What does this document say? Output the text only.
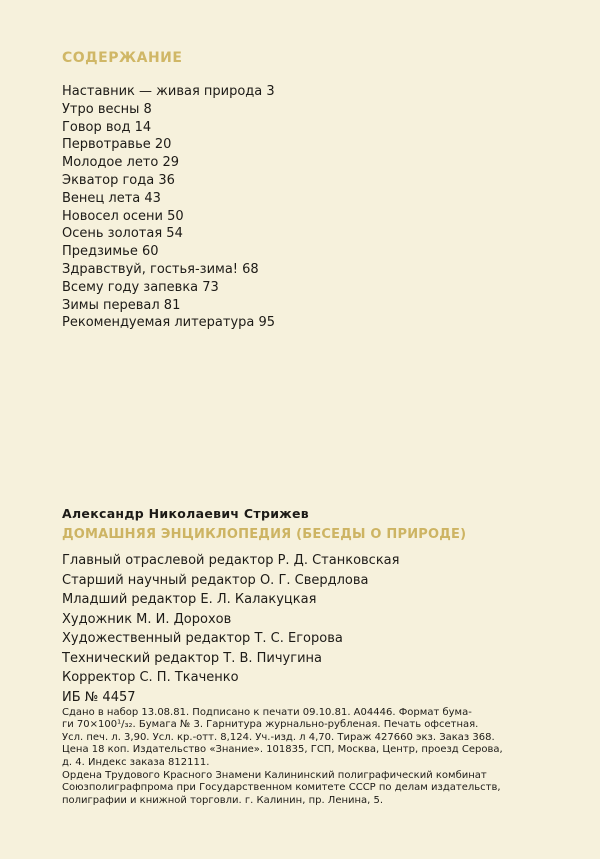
СОДЕРЖАНИЕ
Наставник — живая природа 3
Утро весны 8
Говор вод 14
Первотравье 20
Молодое лето 29
Экватор года 36
Венец лета 43
Новосел осени 50
Осень золотая 54
Предзимье 60
Здравствуй, гостья-зима! 68
Всему году запевка 73
Зимы перевал 81
Рекомендуемая литература 95
Александр Николаевич Стрижев
ДОМАШНЯЯ ЭНЦИКЛОПЕДИЯ (БЕСЕДЫ О ПРИРОДЕ)
Главный отраслевой редактор Р. Д. Станковская
Старший научный редактор О. Г. Свердлова
Младший редактор Е. Л. Калакуцкая
Художник М. И. Дорохов
Художественный редактор Т. С. Егорова
Технический редактор Т. В. Пичугина
Корректор С. П. Ткаченко
ИБ № 4457
Сдано в набор 13.08.81. Подписано к печати 09.10.81. А04446. Формат бума-
ги 70×100¹/₃₂. Бумага № 3. Гарнитура журнально-рубленая. Печать офсетная.
Усл. печ. л. 3,90. Усл. кр.-отт. 8,124. Уч.-изд. л 4,70. Тираж 427660 экз. Заказ 368.
Цена 18 коп. Издательство «Знание». 101835, ГСП, Москва, Центр, проезд Серова,
д. 4. Индекс заказа 812111.
Ордена Трудового Красного Знамени Калининский полиграфический комбинат
Союзполиграфпрома при Государственном комитете СССР по делам издательств,
полиграфии и книжной торговли. г. Калинин, пр. Ленина, 5.
